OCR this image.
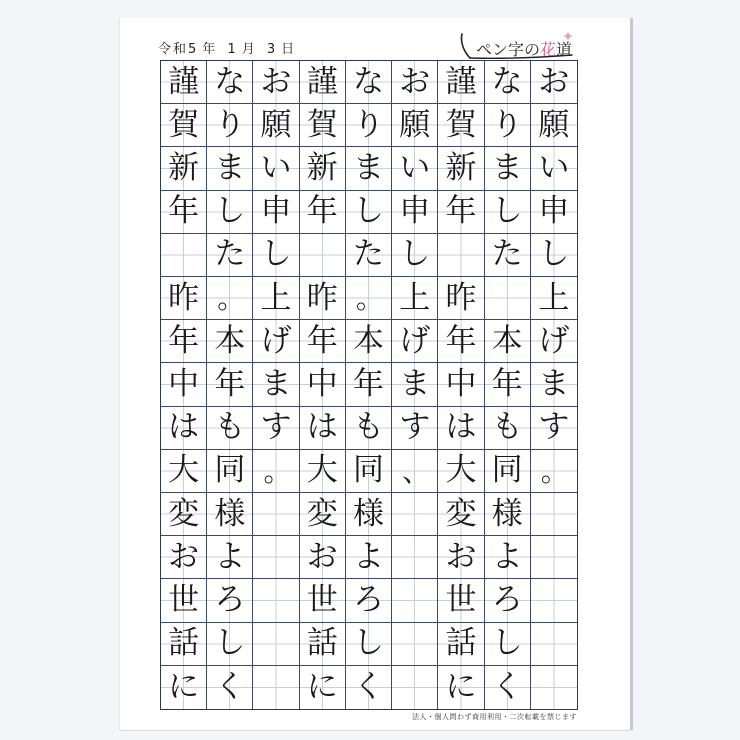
令和5 年 1 月 3 日	ペン字の花道
謹 な お 謹 な お 謹 な お
賀 り 願 賀 り 願 賀 り 願
新 ま い 新 ま い 新 ま い
年 し 申 年 し 申 年 し 申
た し た し た し
昨 。 上 昨 。 上 昨 上
年 本 げ 年 本 げ 年 本 げ
中 年 ま 中 年 ま 中 年 ま
は も す は も す は も す
大 同 。 大 同 、 大 同 。
変 様 変 様 変 様
お よ お よ お よ
世 ろ 世 ろ 世 ろ
話 し 話 し 話 し
に く に く に く
法人・個人問わず商用利用・二次転載を禁じます
